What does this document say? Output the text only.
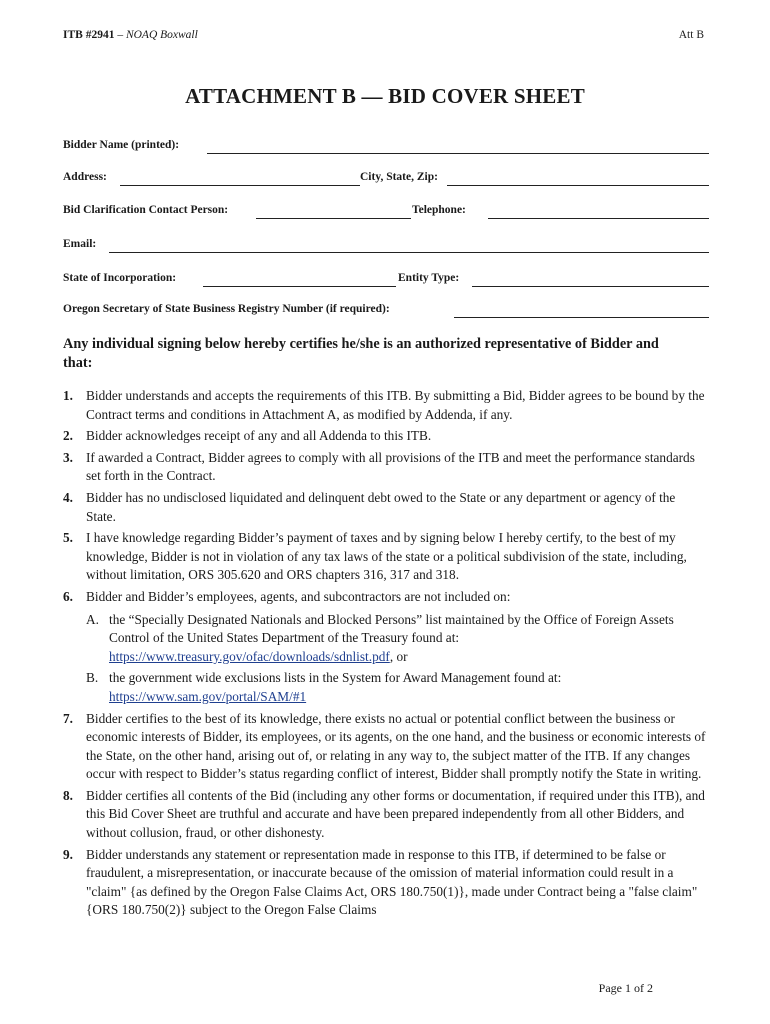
ITB #2941 – NOAQ Boxwall	Att B
ATTACHMENT B — BID COVER SHEET
Bidder Name (printed):
Address:	City, State, Zip:
Bid Clarification Contact Person:	Telephone:
Email:
State of Incorporation:	Entity Type:
Oregon Secretary of State Business Registry Number (if required):
Any individual signing below hereby certifies he/she is an authorized representative of Bidder and that:
1. Bidder understands and accepts the requirements of this ITB. By submitting a Bid, Bidder agrees to be bound by the Contract terms and conditions in Attachment A, as modified by Addenda, if any.
2. Bidder acknowledges receipt of any and all Addenda to this ITB.
3. If awarded a Contract, Bidder agrees to comply with all provisions of the ITB and meet the performance standards set forth in the Contract.
4. Bidder has no undisclosed liquidated and delinquent debt owed to the State or any department or agency of the State.
5. I have knowledge regarding Bidder’s payment of taxes and by signing below I hereby certify, to the best of my knowledge, Bidder is not in violation of any tax laws of the state or a political subdivision of the state, including, without limitation, ORS 305.620 and ORS chapters 316, 317 and 318.
6. Bidder and Bidder’s employees, agents, and subcontractors are not included on:
A. the “Specially Designated Nationals and Blocked Persons” list maintained by the Office of Foreign Assets Control of the United States Department of the Treasury found at: https://www.treasury.gov/ofac/downloads/sdnlist.pdf, or
B. the government wide exclusions lists in the System for Award Management found at: https://www.sam.gov/portal/SAM/#1
7. Bidder certifies to the best of its knowledge, there exists no actual or potential conflict between the business or economic interests of Bidder, its employees, or its agents, on the one hand, and the business or economic interests of the State, on the other hand, arising out of, or relating in any way to, the subject matter of the ITB. If any changes occur with respect to Bidder’s status regarding conflict of interest, Bidder shall promptly notify the State in writing.
8. Bidder certifies all contents of the Bid (including any other forms or documentation, if required under this ITB), and this Bid Cover Sheet are truthful and accurate and have been prepared independently from all other Bidders, and without collusion, fraud, or other dishonesty.
9. Bidder understands any statement or representation made in response to this ITB, if determined to be false or fraudulent, a misrepresentation, or inaccurate because of the omission of material information could result in a "claim" {as defined by the Oregon False Claims Act, ORS 180.750(1)}, made under Contract being a "false claim" {ORS 180.750(2)} subject to the Oregon False Claims
Page 1 of 2
